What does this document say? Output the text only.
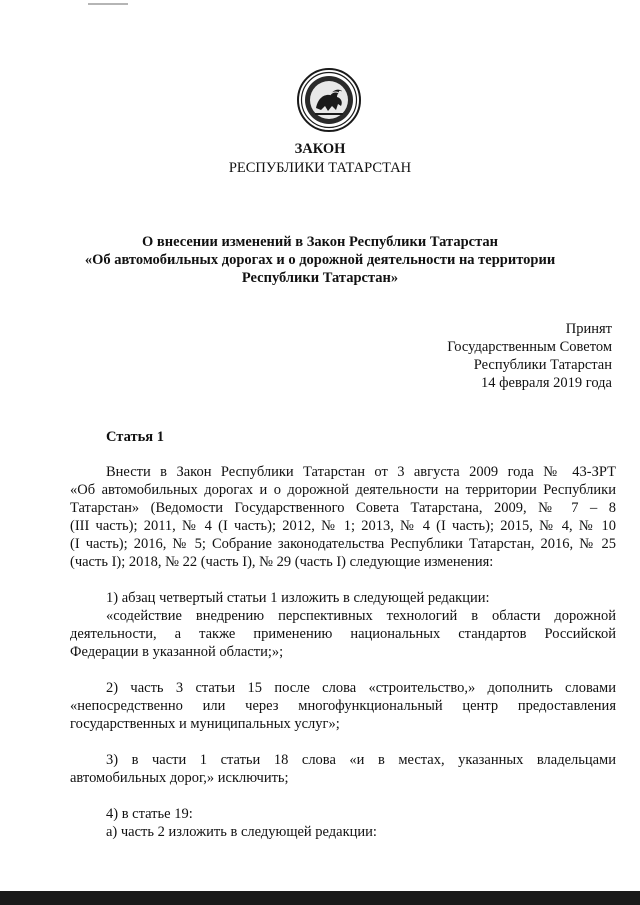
ЗАКОН
РЕСПУБЛИКИ ТАТАРСТАН
О внесении изменений в Закон Республики Татарстан
«Об автомобильных дорогах и о дорожной деятельности на территории
Республики Татарстан»
Принят
Государственным Советом
Республики Татарстан
14 февраля 2019 года
Статья 1
Внести в Закон Республики Татарстан от 3 августа 2009 года № 43-ЗРТ
«Об автомобильных дорогах и о дорожной деятельности на территории Республики
Татарстан» (Ведомости Государственного Совета Татарстана, 2009, № 7 – 8
(III часть); 2011, № 4 (I часть); 2012, № 1; 2013, № 4 (I часть); 2015, № 4, № 10
(I часть); 2016, № 5; Собрание законодательства Республики Татарстан, 2016, № 25
(часть I); 2018, № 22 (часть I), № 29 (часть I) следующие изменения:
1) абзац четвертый статьи 1 изложить в следующей редакции:
«содействие внедрению перспективных технологий в области дорожной
деятельности, а также применению национальных стандартов Российской
Федерации в указанной области;»;
2) часть 3 статьи 15 после слова «строительство,» дополнить словами
«непосредственно или через многофункциональный центр предоставления
государственных и муниципальных услуг»;
3) в части 1 статьи 18 слова «и в местах, указанных владельцами
автомобильных дорог,» исключить;
4) в статье 19:
а) часть 2 изложить в следующей редакции:
